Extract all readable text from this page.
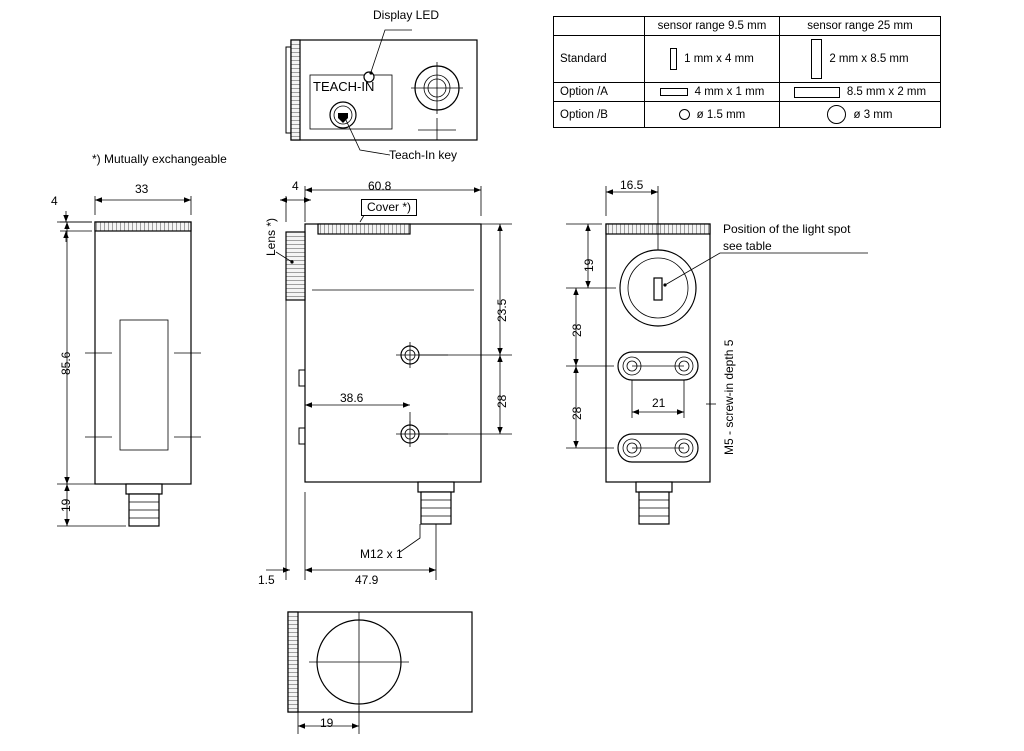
	sensor range 9.5 mm	sensor range 25 mm
Standard	1 mm x 4 mm	2 mm x 8.5 mm

Option /A	4 mm x 1 mm	8.5 mm x 2 mm

Option /B	ø 1.5 mm	ø 3 mm
Display LED
TEACH-IN
Teach-In key
*) Mutually exchangeable
Position of the light spot
see table
33
4
85.6
19
4	60.8
Cover *)
Lens *)
23.5
28
38.6
M12 x 1
1.5	47.9
16.5
19
28
28
21	M5 - screw-in depth 5
19
